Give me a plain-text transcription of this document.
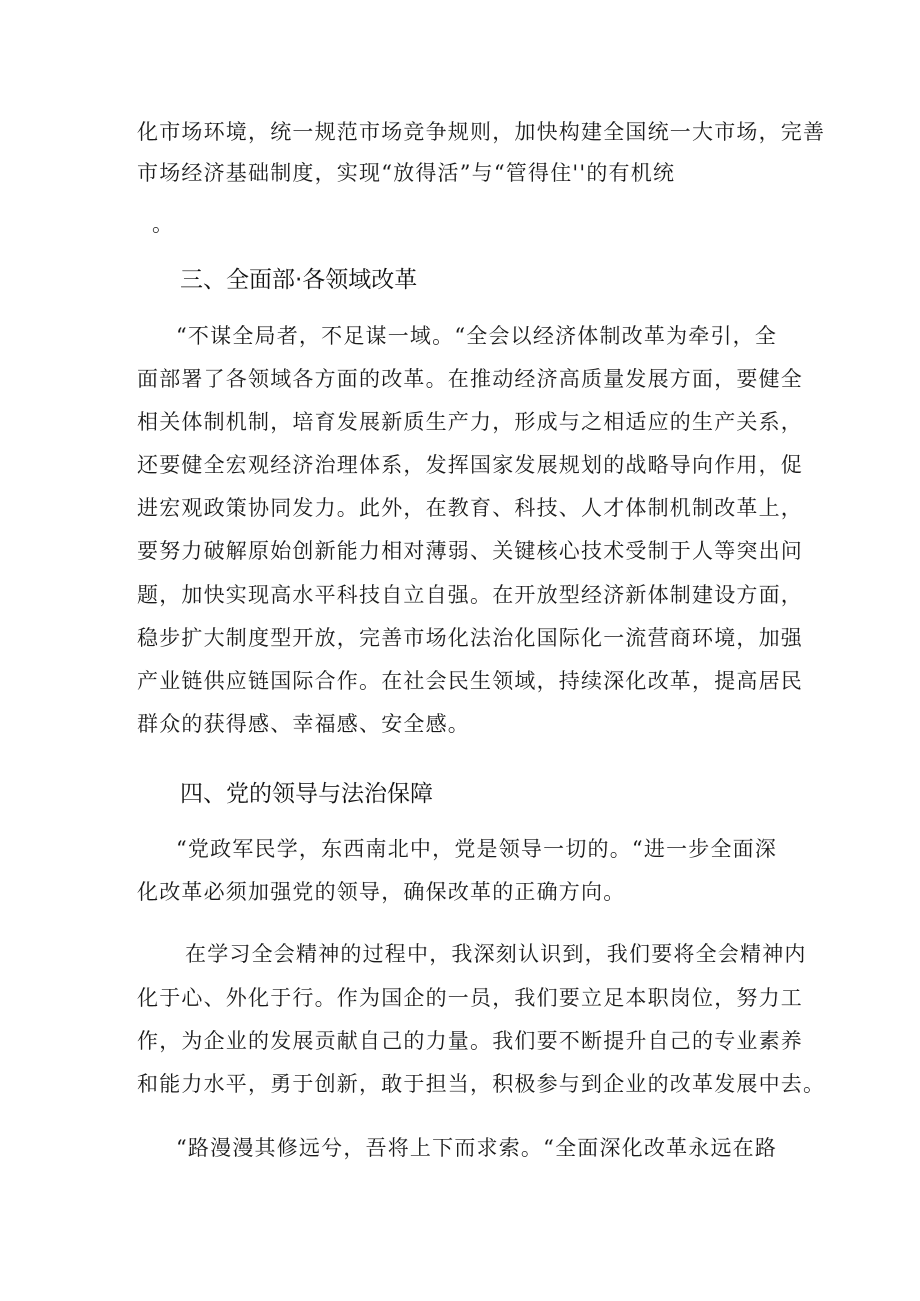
化市场环境，统一规范市场竞争规则，加快构建全国统一大市场，完善
市场经济基础制度，实现“放得活”与“管得住''的有机统
。
三、全面部·各领域改革
“不谋全局者，不足谋一域。“全会以经济体制改革为牵引，全
面部署了各领域各方面的改革。在推动经济高质量发展方面，要健全
相关体制机制，培育发展新质生产力，形成与之相适应的生产关系，
还要健全宏观经济治理体系，发挥国家发展规划的战略导向作用，促
进宏观政策协同发力。此外，在教育、科技、人才体制机制改革上，
要努力破解原始创新能力相对薄弱、关键核心技术受制于人等突出问
题，加快实现高水平科技自立自强。在开放型经济新体制建设方面，
稳步扩大制度型开放，完善市场化法治化国际化一流营商环境，加强
产业链供应链国际合作。在社会民生领域，持续深化改革，提高居民
群众的获得感、幸福感、安全感。
四、党的领导与法治保障
“党政军民学，东西南北中，党是领导一切的。“进一步全面深
化改革必须加强党的领导，确保改革的正确方向。
在学习全会精神的过程中，我深刻认识到，我们要将全会精神内
化于心、外化于行。作为国企的一员，我们要立足本职岗位，努力工
作，为企业的发展贡献自己的力量。我们要不断提升自己的专业素养
和能力水平，勇于创新，敢于担当，积极参与到企业的改革发展中去。
“路漫漫其修远兮，吾将上下而求索。“全面深化改革永远在路
